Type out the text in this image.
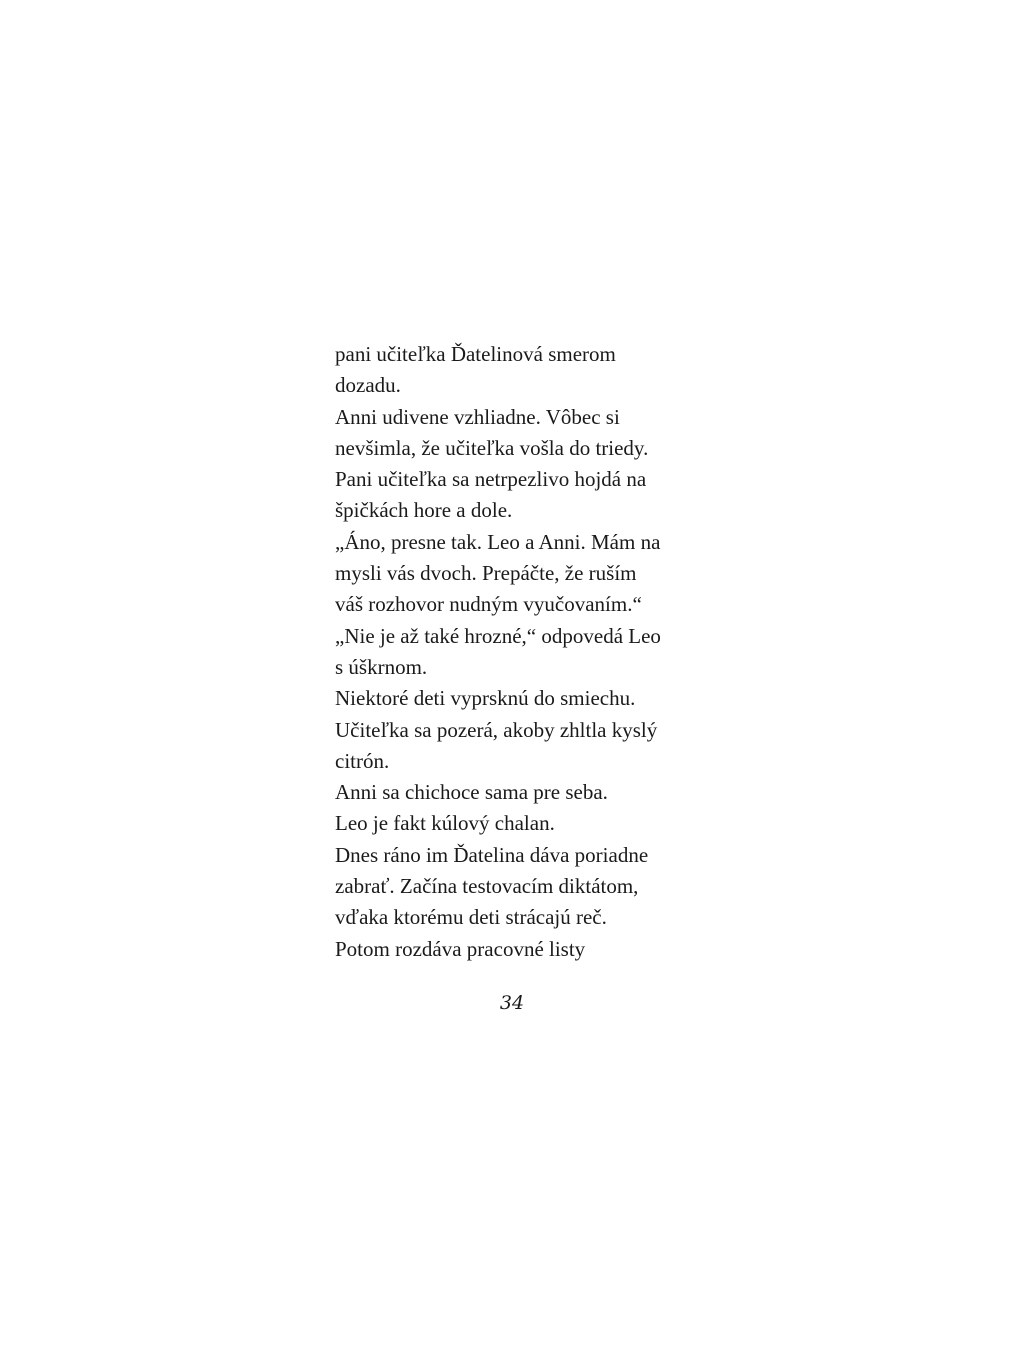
pani učiteľka Ďatelinová smerom
dozadu.
Anni udivene vzhliadne. Vôbec si
nevšimla, že učiteľka vošla do triedy.
Pani učiteľka sa netrpezlivo hojdá na
špičkách hore a dole.
„Áno, presne tak. Leo a Anni. Mám na
mysli vás dvoch. Prepáčte, že ruším
váš rozhovor nudným vyučovaním.“
„Nie je až také hrozné,“ odpovedá Leo
s úškrnom.
Niektoré deti vyprsknú do smiechu.
Učiteľka sa pozerá, akoby zhltla kyslý
citrón.
Anni sa chichoce sama pre seba.
Leo je fakt kúlový chalan.
Dnes ráno im Ďatelina dáva poriadne
zabrať. Začína testovacím diktátom,
vďaka ktorému deti strácajú reč.
Potom rozdáva pracovné listy
34
